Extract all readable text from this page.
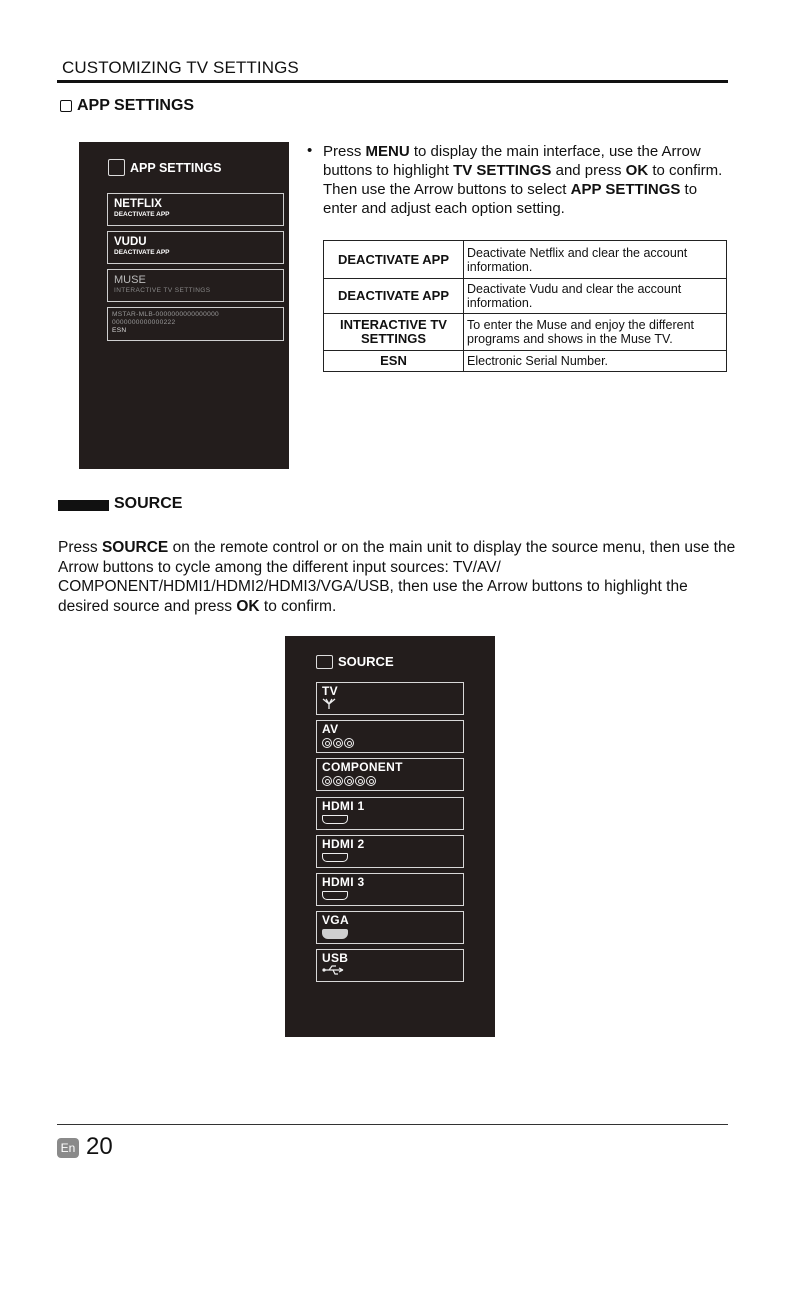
CUSTOMIZING TV SETTINGS
APP SETTINGS
APP SETTINGS
NETFLIX
DEACTIVATE APP
VUDU
DEACTIVATE APP
MUSE
INTERACTIVE TV SETTINGS
MSTAR-MLB-0000000000000000
0000000000000222
ESN
• Press MENU to display the main interface, use the Arrow buttons to highlight TV SETTINGS and press OK to confirm. Then use the Arrow buttons to select APP SETTINGS to enter and adjust each option setting.
DEACTIVATE APP	Deactivate Netflix and clear the account information.
DEACTIVATE APP	Deactivate Vudu and clear the account information.
INTERACTIVE TV SETTINGS	To enter the Muse and enjoy the different programs and shows in the Muse TV.
ESN	Electronic Serial Number.
SOURCE
Press SOURCE on the remote control or on the main unit to display the source menu, then use the Arrow buttons to cycle among the different input sources: TV/AV/ COMPONENT/HDMI1/HDMI2/HDMI3/VGA/USB, then use the Arrow buttons to highlight the desired source and press OK to confirm.
SOURCE
TV
AV
COMPONENT
HDMI 1
HDMI 2
HDMI 3
VGA
USB
En 20
